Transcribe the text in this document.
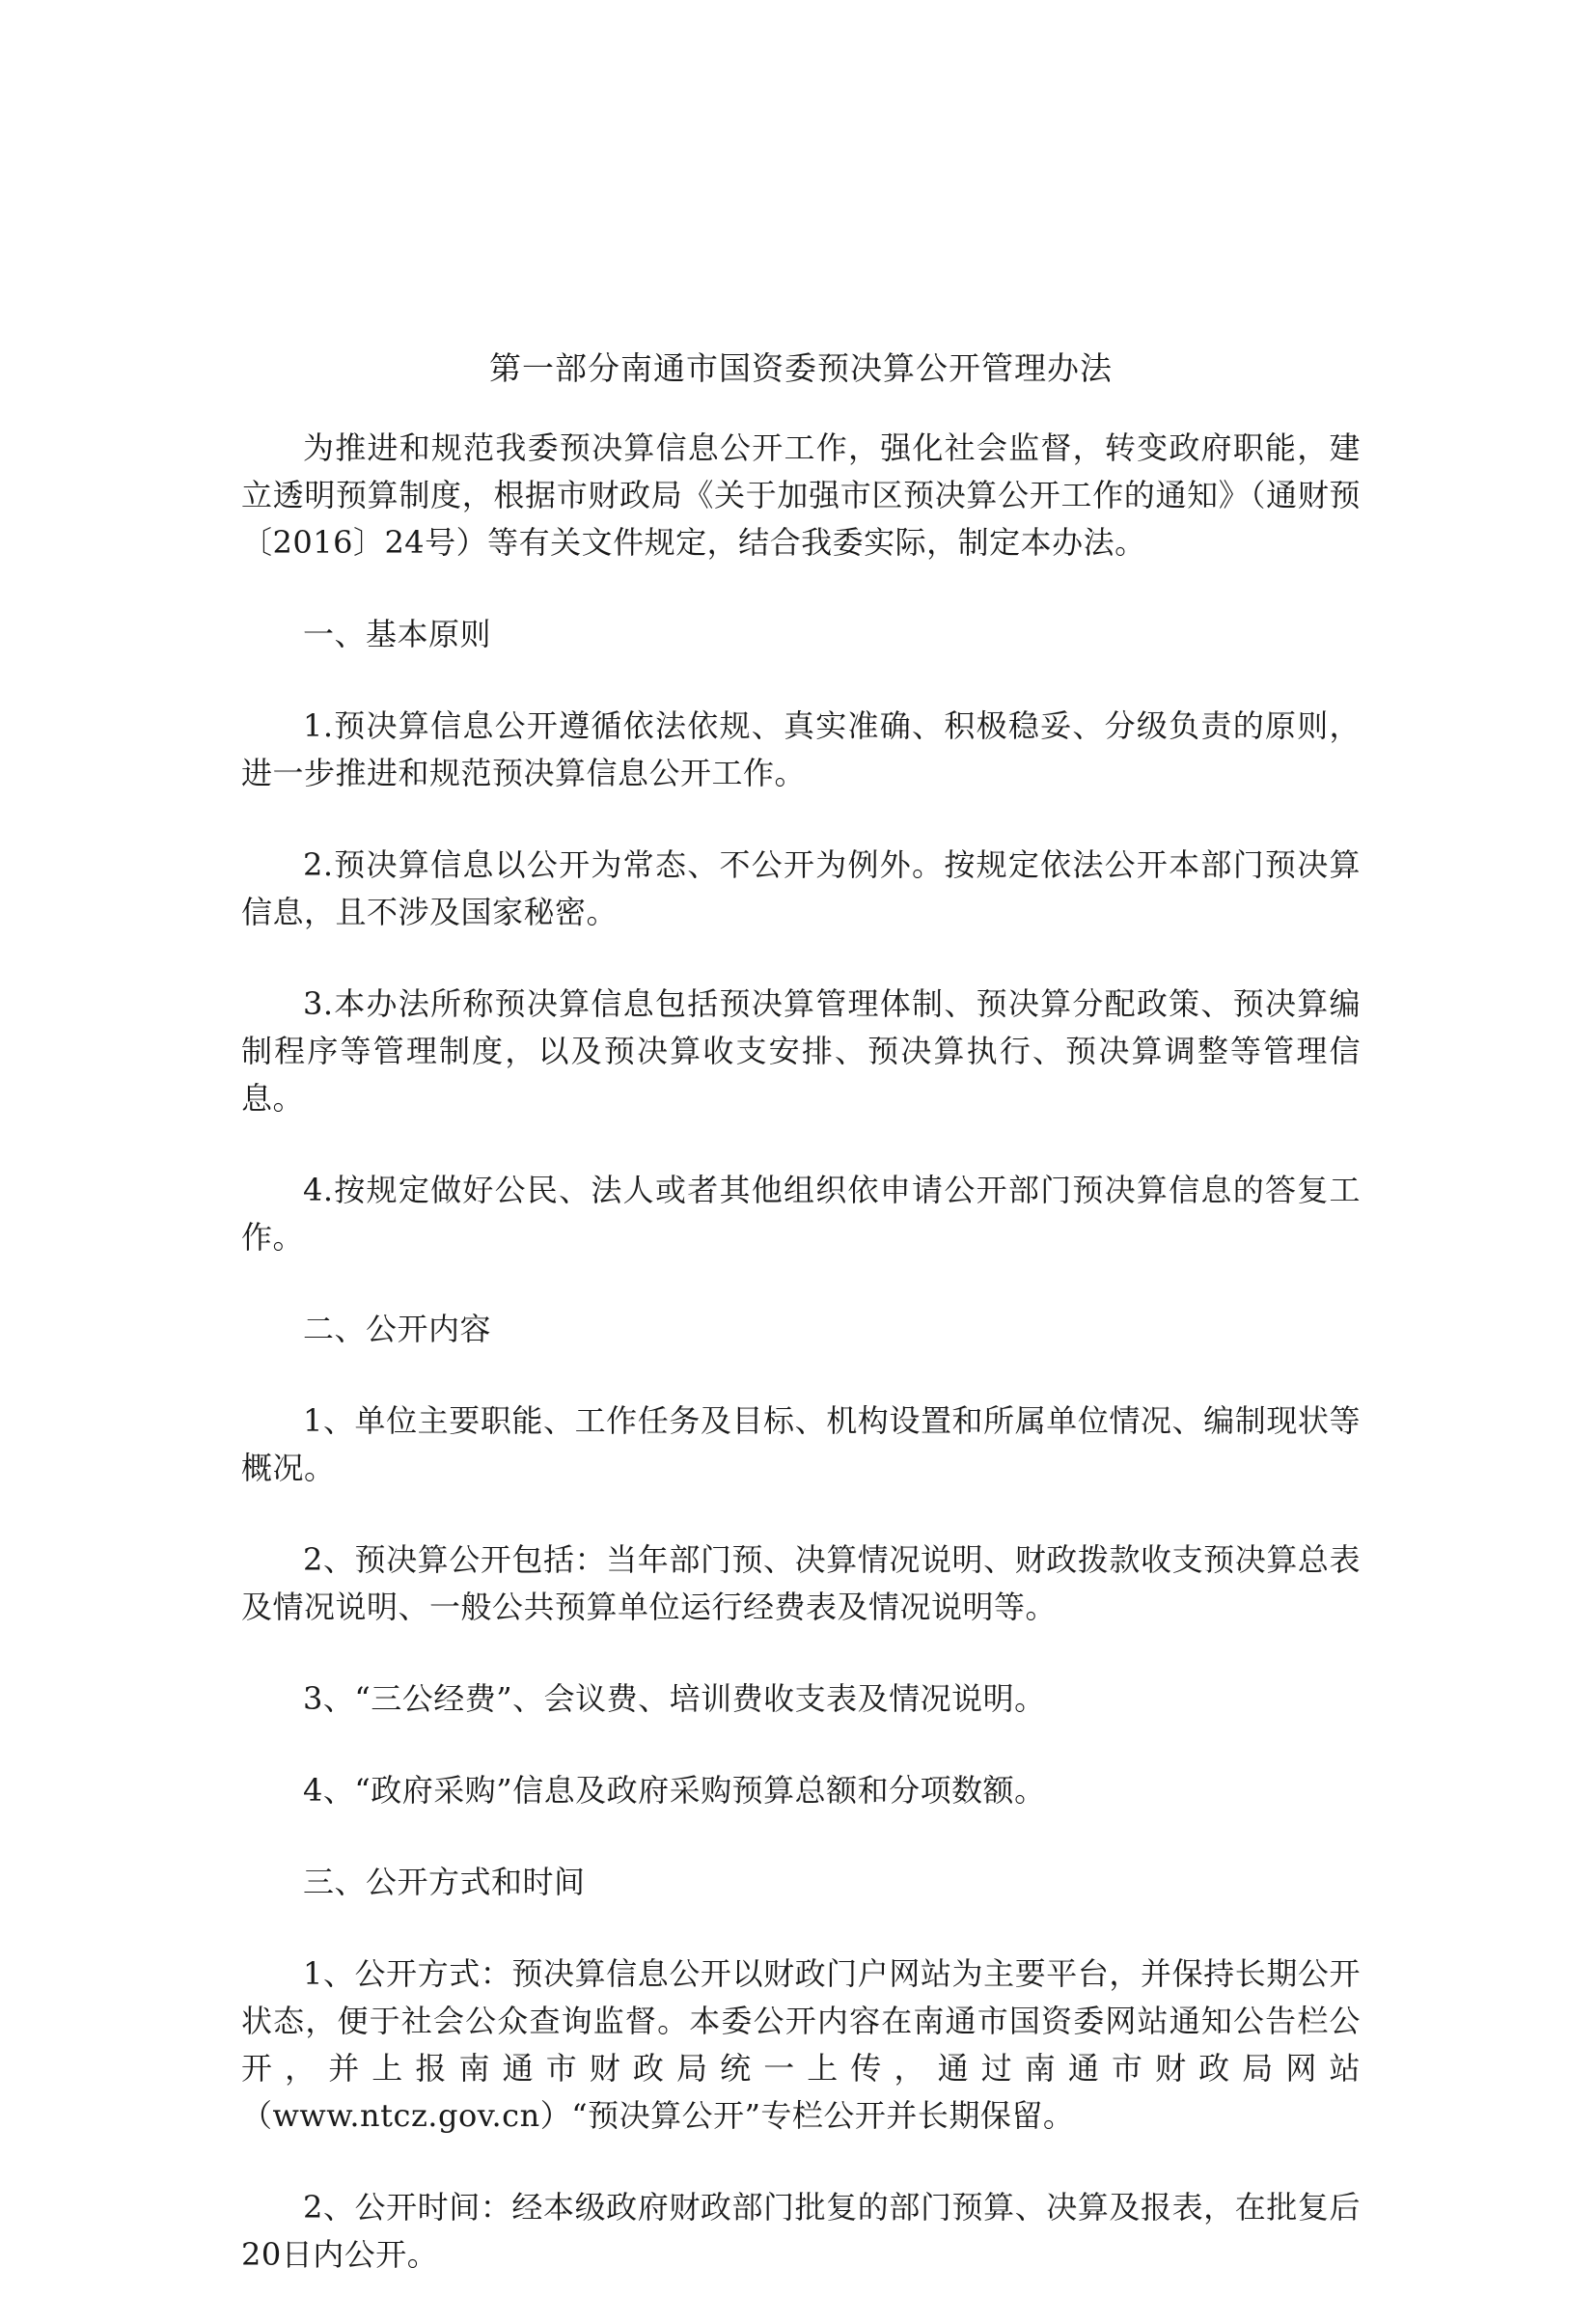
第一部分南通市国资委预决算公开管理办法

为推进和规范我委预决算信息公开工作，强化社会监督，转变政府职能，建立透明预算制度，根据市财政局《关于加强市区预决算公开工作的通知》（通财预〔2016〕24号）等有关文件规定，结合我委实际，制定本办法。

一、基本原则

1.预决算信息公开遵循依法依规、真实准确、积极稳妥、分级负责的原则，进一步推进和规范预决算信息公开工作。

2.预决算信息以公开为常态、不公开为例外。按规定依法公开本部门预决算信息，且不涉及国家秘密。

3.本办法所称预决算信息包括预决算管理体制、预决算分配政策、预决算编制程序等管理制度，以及预决算收支安排、预决算执行、预决算调整等管理信息。

4.按规定做好公民、法人或者其他组织依申请公开部门预决算信息的答复工作。

二、公开内容

1、单位主要职能、工作任务及目标、机构设置和所属单位情况、编制现状等概况。

2、预决算公开包括：当年部门预、决算情况说明、财政拨款收支预决算总表及情况说明、一般公共预算单位运行经费表及情况说明等。

3、“三公经费”、会议费、培训费收支表及情况说明。

4、“政府采购”信息及政府采购预算总额和分项数额。

三、公开方式和时间

1、公开方式：预决算信息公开以财政门户网站为主要平台，并保持长期公开状态，便于社会公众查询监督。本委公开内容在南通市国资委网站通知公告栏公开，并上报南通市财政局统一上传，通过南通市财政局网站（www.ntcz.gov.cn）“预决算公开”专栏公开并长期保留。

2、公开时间：经本级政府财政部门批复的部门预算、决算及报表，在批复后20日内公开。
